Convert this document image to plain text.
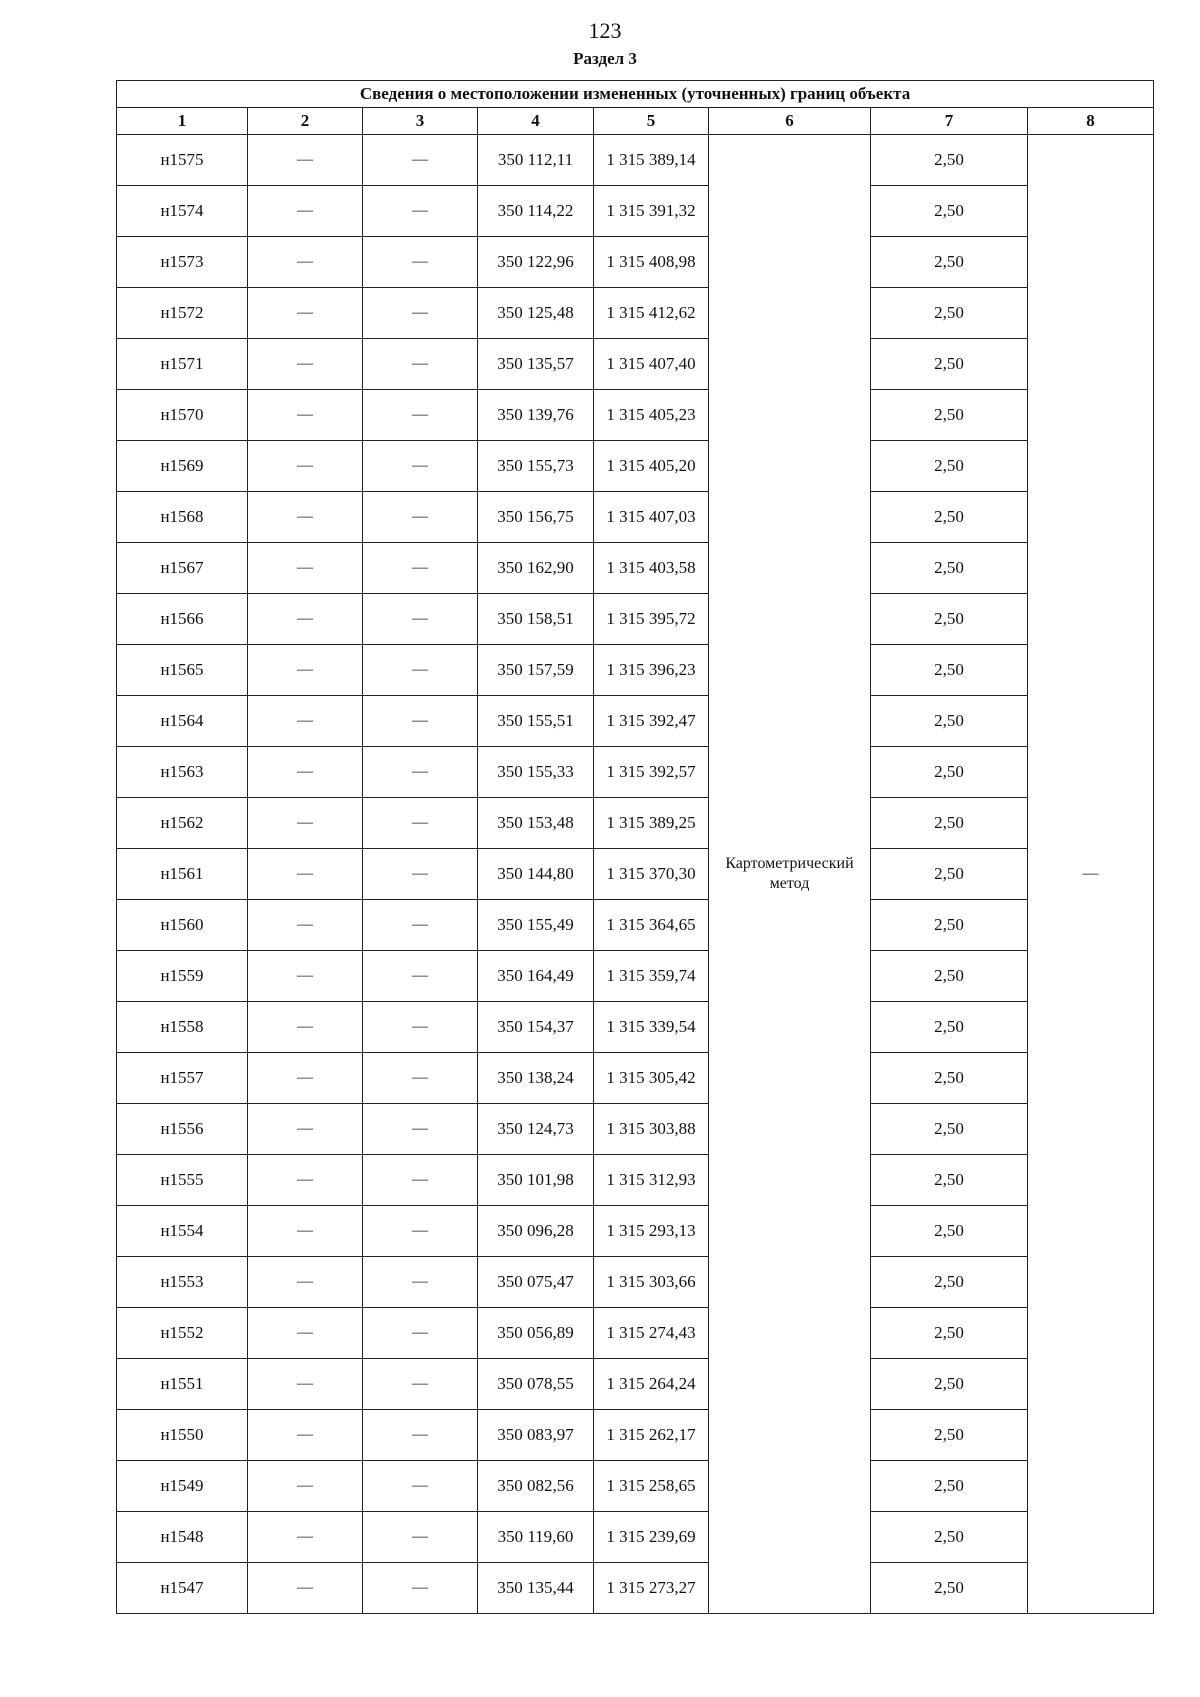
123
Раздел 3
Сведения о местоположении измененных (уточненных) границ объекта							
1	2	3	4	5	6	7	8
н1575	—	—	350 112,11	1 315 389,14	Картометрический метод	2,50	—
н1574	—	—	350 114,22	1 315 391,32		2,50	
н1573	—	—	350 122,96	1 315 408,98		2,50	
н1572	—	—	350 125,48	1 315 412,62		2,50	
н1571	—	—	350 135,57	1 315 407,40		2,50	
н1570	—	—	350 139,76	1 315 405,23		2,50	
н1569	—	—	350 155,73	1 315 405,20		2,50	
н1568	—	—	350 156,75	1 315 407,03		2,50	
н1567	—	—	350 162,90	1 315 403,58		2,50	
н1566	—	—	350 158,51	1 315 395,72		2,50	
н1565	—	—	350 157,59	1 315 396,23		2,50	
н1564	—	—	350 155,51	1 315 392,47		2,50	
н1563	—	—	350 155,33	1 315 392,57		2,50	
н1562	—	—	350 153,48	1 315 389,25		2,50	
н1561	—	—	350 144,80	1 315 370,30		2,50	
н1560	—	—	350 155,49	1 315 364,65		2,50	
н1559	—	—	350 164,49	1 315 359,74		2,50	
н1558	—	—	350 154,37	1 315 339,54		2,50	
н1557	—	—	350 138,24	1 315 305,42		2,50	
н1556	—	—	350 124,73	1 315 303,88		2,50	
н1555	—	—	350 101,98	1 315 312,93		2,50	
н1554	—	—	350 096,28	1 315 293,13		2,50	
н1553	—	—	350 075,47	1 315 303,66		2,50	
н1552	—	—	350 056,89	1 315 274,43		2,50	
н1551	—	—	350 078,55	1 315 264,24		2,50	
н1550	—	—	350 083,97	1 315 262,17		2,50	
н1549	—	—	350 082,56	1 315 258,65		2,50	
н1548	—	—	350 119,60	1 315 239,69		2,50	
н1547	—	—	350 135,44	1 315 273,27		2,50	
